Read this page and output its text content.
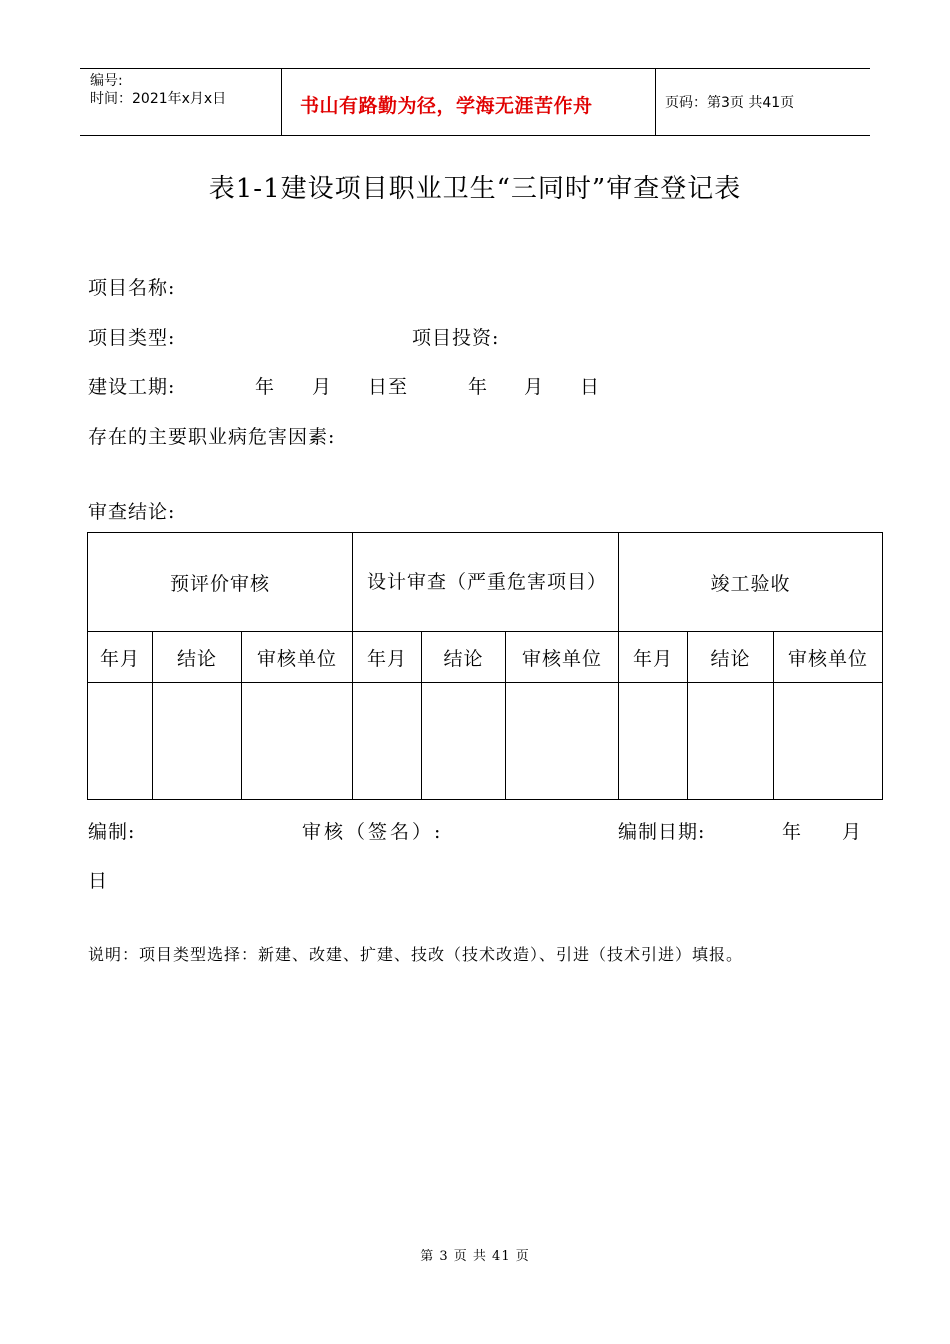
编号:
时间：2021年x月x日	书山有路勤为径，学海无涯苦作舟	页码：第3页 共41页
表1-1建设项目职业卫生“三同时”审查登记表
项目名称:
项目类型:	项目投资:
建设工期:	年 月 日至	年 月 日
存在的主要职业病危害因素:
审查结论:
预评价审核			设计审查（严重危害项目）			竣工验收		
年月	结论	审核单位	年月	结论	审核单位	年月	结论	审核单位

编制:	审核（签名）:	编制日期:	年 月
日
说明：项目类型选择：新建、改建、扩建、技改（技术改造）、引进（技术引进）填报。
第 3 页 共 41 页
